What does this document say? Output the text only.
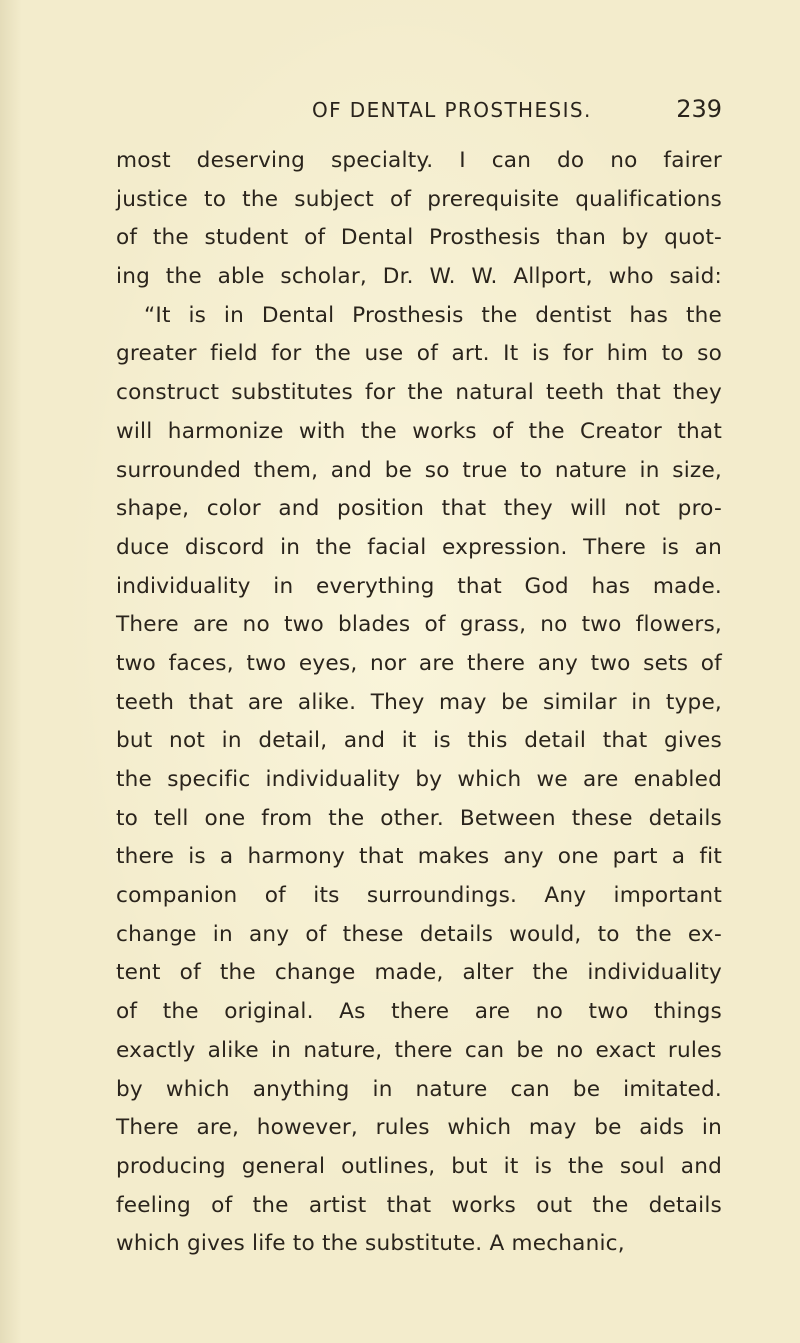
OF DENTAL PROSTHESIS.	239
most deserving specialty. I can do no fairer
justice to the subject of prerequisite qualifications
of the student of Dental Prosthesis than by quot-
ing the able scholar, Dr. W. W. Allport, who said:
“It is in Dental Prosthesis the dentist has the
greater field for the use of art. It is for him to so
construct substitutes for the natural teeth that they
will harmonize with the works of the Creator that
surrounded them, and be so true to nature in size,
shape, color and position that they will not pro-
duce discord in the facial expression. There is an
individuality in everything that God has made.
There are no two blades of grass, no two flowers,
two faces, two eyes, nor are there any two sets of
teeth that are alike. They may be similar in type,
but not in detail, and it is this detail that gives
the specific individuality by which we are enabled
to tell one from the other. Between these details
there is a harmony that makes any one part a fit
companion of its surroundings. Any important
change in any of these details would, to the ex-
tent of the change made, alter the individuality
of the original. As there are no two things
exactly alike in nature, there can be no exact rules
by which anything in nature can be imitated.
There are, however, rules which may be aids in
producing general outlines, but it is the soul and
feeling of the artist that works out the details
which gives life to the substitute. A mechanic,
